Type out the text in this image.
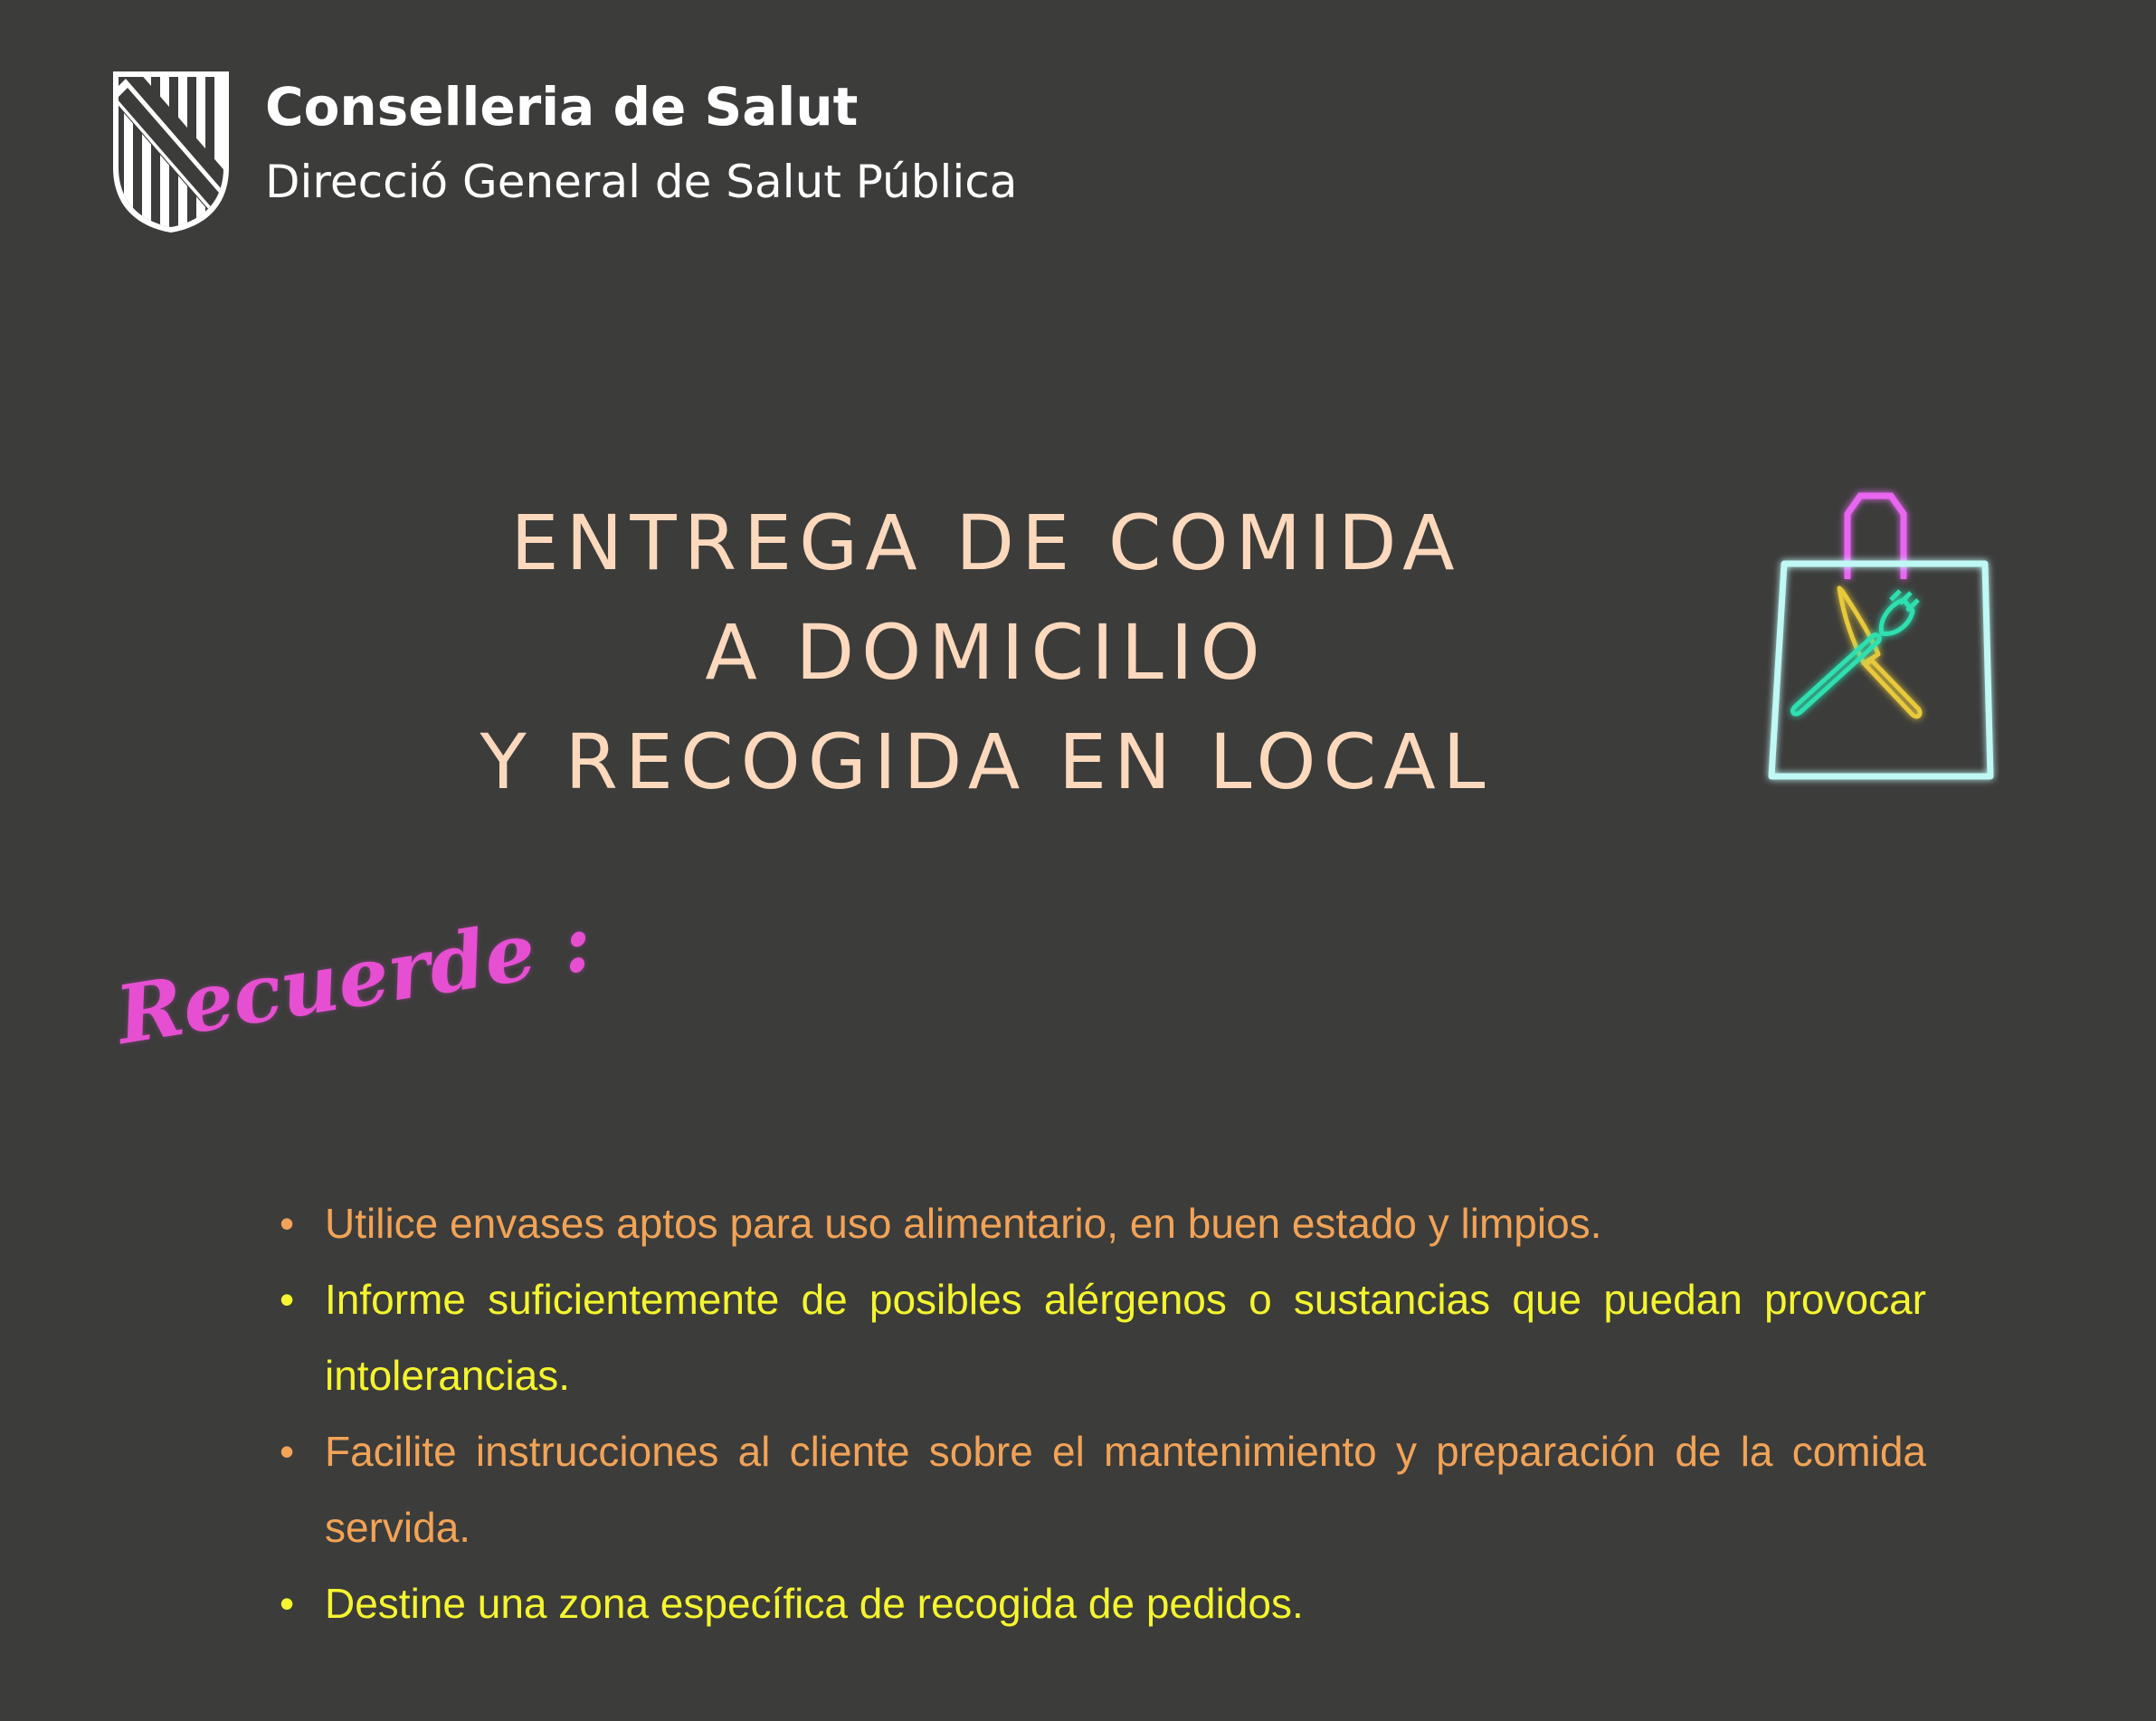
Conselleria de Salut
Direcció General de Salut Pública
ENTREGA DE COMIDA
A DOMICILIO
Y RECOGIDA EN LOCAL
Recuerde :
• Utilice envases aptos para uso alimentario, en buen estado y limpios.
• Informe suficientemente de posibles alérgenos o sustancias que puedan provocar intolerancias.
• Facilite instrucciones al cliente sobre el mantenimiento y preparación de la comida servida.
• Destine una zona específica de recogida de pedidos.
